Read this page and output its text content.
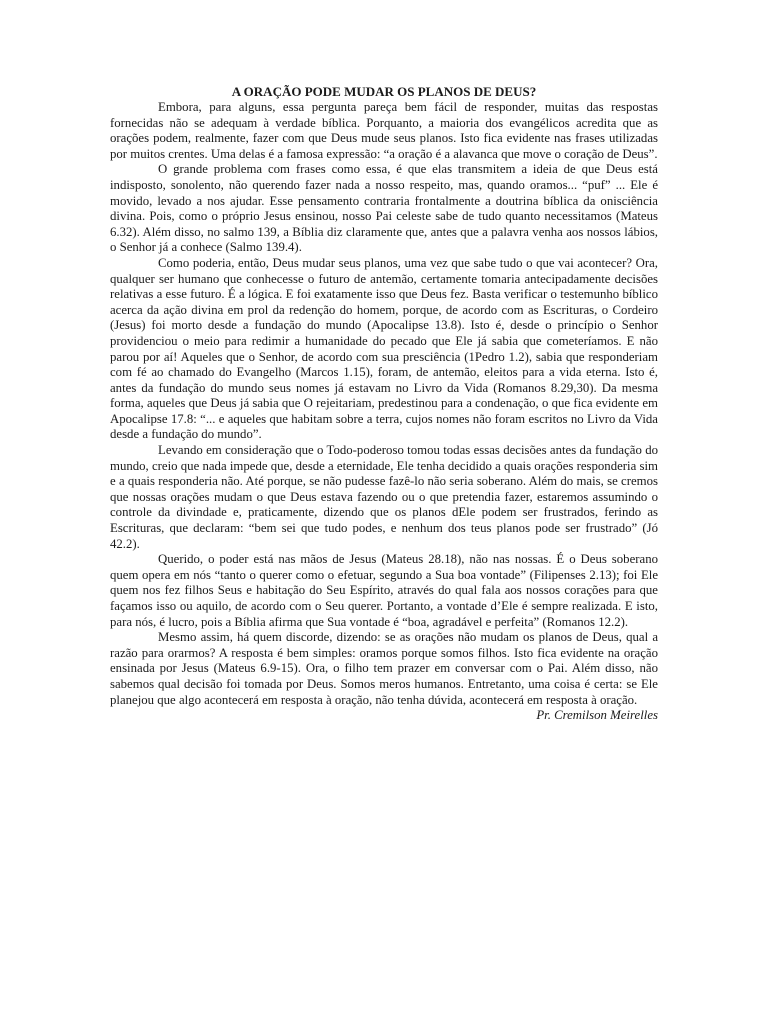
A ORAÇÃO PODE MUDAR OS PLANOS DE DEUS?

Embora, para alguns, essa pergunta pareça bem fácil de responder, muitas das respostas fornecidas não se adequam à verdade bíblica. Porquanto, a maioria dos evangélicos acredita que as orações podem, realmente, fazer com que Deus mude seus planos. Isto fica evidente nas frases utilizadas por muitos crentes. Uma delas é a famosa expressão: “a oração é a alavanca que move o coração de Deus”.

O grande problema com frases como essa, é que elas transmitem a ideia de que Deus está indisposto, sonolento, não querendo fazer nada a nosso respeito, mas, quando oramos... “puf” ... Ele é movido, levado a nos ajudar. Esse pensamento contraria frontalmente a doutrina bíblica da onisciência divina. Pois, como o próprio Jesus ensinou, nosso Pai celeste sabe de tudo quanto necessitamos (Mateus 6.32). Além disso, no salmo 139, a Bíblia diz claramente que, antes que a palavra venha aos nossos lábios, o Senhor já a conhece (Salmo 139.4).

Como poderia, então, Deus mudar seus planos, uma vez que sabe tudo o que vai acontecer? Ora, qualquer ser humano que conhecesse o futuro de antemão, certamente tomaria antecipadamente decisões relativas a esse futuro. É a lógica. E foi exatamente isso que Deus fez. Basta verificar o testemunho bíblico acerca da ação divina em prol da redenção do homem, porque, de acordo com as Escrituras, o Cordeiro (Jesus) foi morto desde a fundação do mundo (Apocalipse 13.8). Isto é, desde o princípio o Senhor providenciou o meio para redimir a humanidade do pecado que Ele já sabia que cometeríamos. E não parou por aí! Aqueles que o Senhor, de acordo com sua presciência (1Pedro 1.2), sabia que responderiam com fé ao chamado do Evangelho (Marcos 1.15), foram, de antemão, eleitos para a vida eterna. Isto é, antes da fundação do mundo seus nomes já estavam no Livro da Vida (Romanos 8.29,30). Da mesma forma, aqueles que Deus já sabia que O rejeitariam, predestinou para a condenação, o que fica evidente em Apocalipse 17.8: “... e aqueles que habitam sobre a terra, cujos nomes não foram escritos no Livro da Vida desde a fundação do mundo”.

Levando em consideração que o Todo-poderoso tomou todas essas decisões antes da fundação do mundo, creio que nada impede que, desde a eternidade, Ele tenha decidido a quais orações responderia sim e a quais responderia não. Até porque, se não pudesse fazê-lo não seria soberano. Além do mais, se cremos que nossas orações mudam o que Deus estava fazendo ou o que pretendia fazer, estaremos assumindo o controle da divindade e, praticamente, dizendo que os planos dEle podem ser frustrados, ferindo as Escrituras, que declaram: “bem sei que tudo podes, e nenhum dos teus planos pode ser frustrado” (Jó 42.2).

Querido, o poder está nas mãos de Jesus (Mateus 28.18), não nas nossas. É o Deus soberano quem opera em nós “tanto o querer como o efetuar, segundo a Sua boa vontade” (Filipenses 2.13); foi Ele quem nos fez filhos Seus e habitação do Seu Espírito, através do qual fala aos nossos corações para que façamos isso ou aquilo, de acordo com o Seu querer. Portanto, a vontade d’Ele é sempre realizada. E isto, para nós, é lucro, pois a Bíblia afirma que Sua vontade é “boa, agradável e perfeita” (Romanos 12.2).

Mesmo assim, há quem discorde, dizendo: se as orações não mudam os planos de Deus, qual a razão para orarmos? A resposta é bem simples: oramos porque somos filhos. Isto fica evidente na oração ensinada por Jesus (Mateus 6.9-15). Ora, o filho tem prazer em conversar com o Pai. Além disso, não sabemos qual decisão foi tomada por Deus. Somos meros humanos. Entretanto, uma coisa é certa: se Ele planejou que algo acontecerá em resposta à oração, não tenha dúvida, acontecerá em resposta à oração.

Pr. Cremilson Meirelles
